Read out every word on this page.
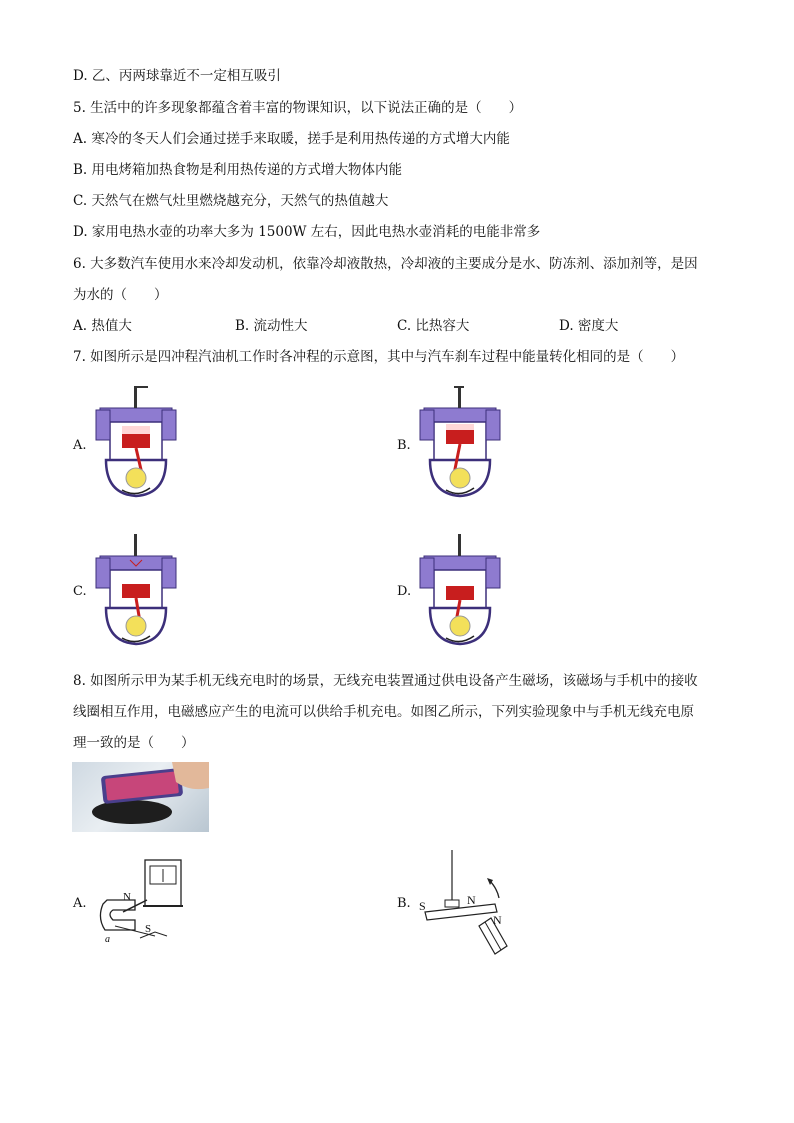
D. 乙、丙两球靠近不一定相互吸引
5. 生活中的许多现象都蕴含着丰富的物课知识，以下说法正确的是（　　）
A. 寒冷的冬天人们会通过搓手来取暖，搓手是利用热传递的方式增大内能
B. 用电烤箱加热食物是利用热传递的方式增大物体内能
C. 天然气在燃气灶里燃烧越充分，天然气的热值越大
D. 家用电热水壶的功率大多为 1500W 左右，因此电热水壶消耗的电能非常多
6. 大多数汽车使用水来冷却发动机，依靠冷却液散热，冷却液的主要成分是水、防冻剂、添加剂等，是因
为水的（　　）
A. 热值大	B. 流动性大	C. 比热容大	D. 密度大
7. 如图所示是四冲程汽油机工作时各冲程的示意图，其中与汽车刹车过程中能量转化相同的是（　　）
A.	B.
C.	D.
8. 如图所示甲为某手机无线充电时的场景，无线充电装置通过供电设备产生磁场，该磁场与手机中的接收
线圈相互作用，电磁感应产生的电流可以供给手机充电。如图乙所示，下列实验现象中与手机无线充电原
理一致的是（　　）
A.	B.
N
S
a
S	N
N
